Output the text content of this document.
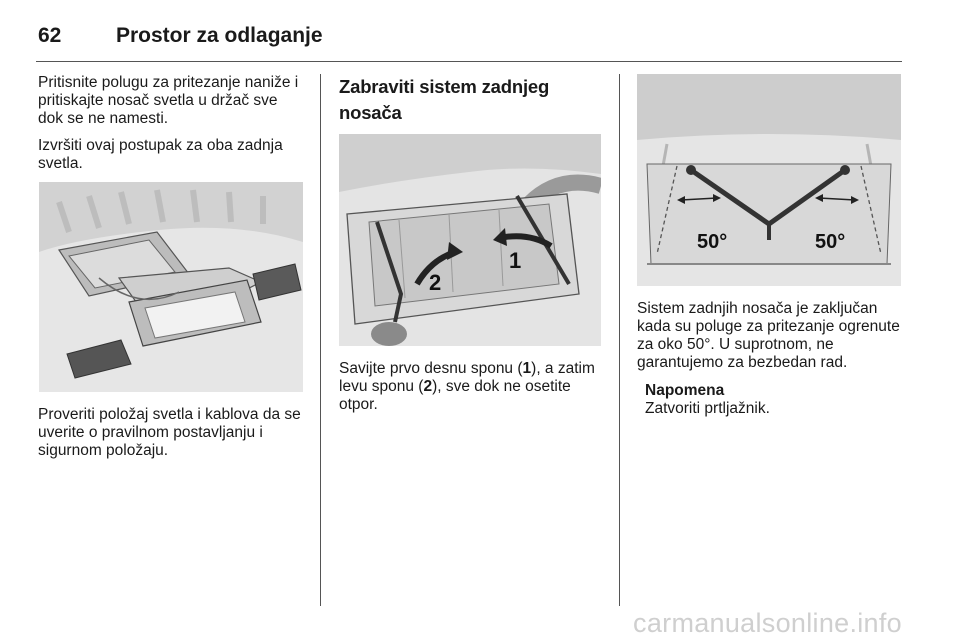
62	Prostor za odlaganje

Pritisnite polugu za pritezanje naniže i pritiskajte nosač svetla u držač sve dok se ne namesti.

Izvršiti ovaj postupak za oba zadnja svetla.

Proveriti položaj svetla i kablova da se uverite o pravilnom postavljanju i sigurnom položaju.

Zabraviti sistem zadnjeg nosača
1
2

Savijte prvo desnu sponu (1), a zatim levu sponu (2), sve dok ne osetite otpor.

50°	50°

Sistem zadnjih nosača je zaključan kada su poluge za pritezanje ogrenute za oko 50°. U suprotnom, ne garantujemo za bezbedan rad.

Napomena
Zatvoriti prtljažnik.
carmanualsonline.info
